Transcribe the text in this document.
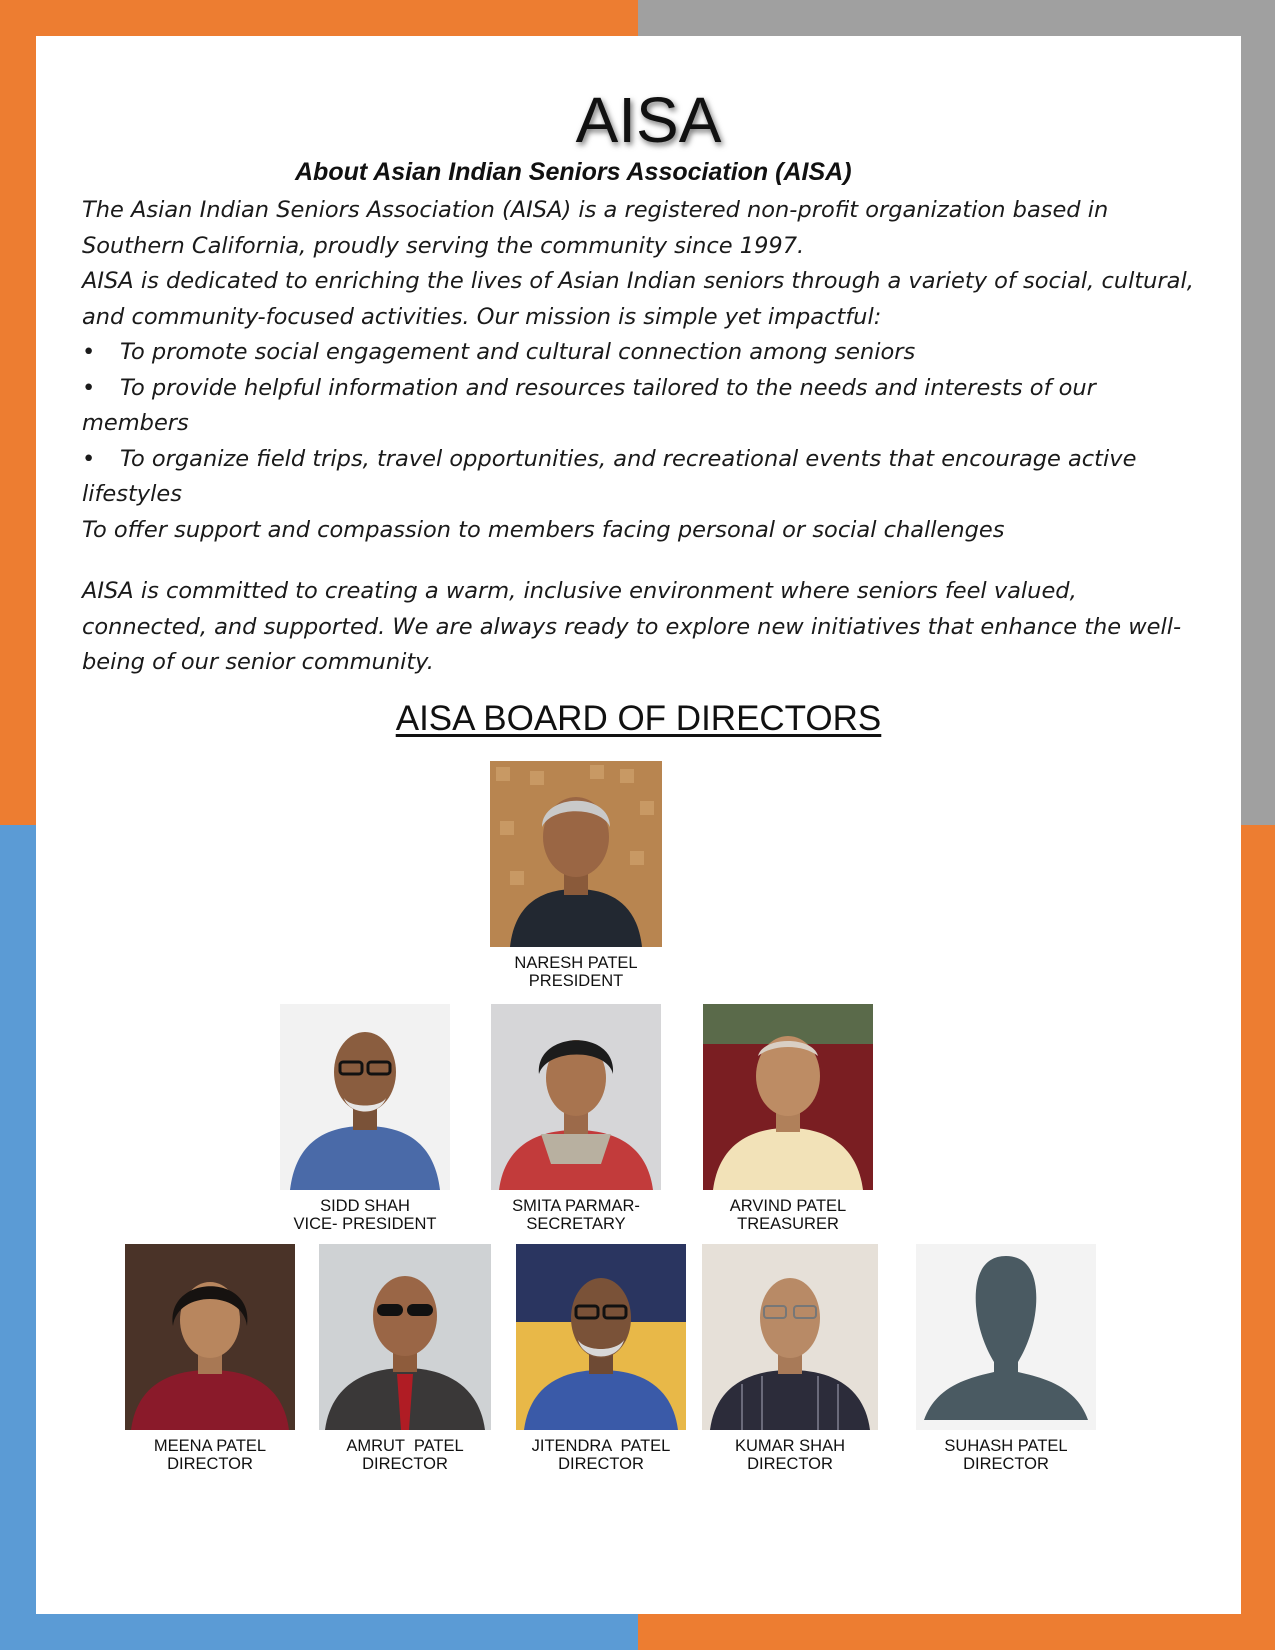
AISA
About Asian Indian Seniors Association (AISA)

The Asian Indian Seniors Association (AISA) is a registered non-profit organization based in Southern California, proudly serving the community since 1997.

AISA is dedicated to enriching the lives of Asian Indian seniors through a variety of social, cultural, and community-focused activities. Our mission is simple yet impactful:

•	To promote social engagement and cultural connection among seniors
• To provide helpful information and resources tailored to the needs and interests of our members
• To organize field trips, travel opportunities, and recreational events that encourage active lifestyles

To offer support and compassion to members facing personal or social challenges

AISA is committed to creating a warm, inclusive environment where seniors feel valued, connected, and supported. We are always ready to explore new initiatives that enhance the well-being of our senior community.

AISA BOARD OF DIRECTORS
NARESH PATEL
PRESIDENT
SIDD SHAH
VICE- PRESIDENT
SMITA PARMAR-
SECRETARY
ARVIND PATEL
TREASURER
MEENA PATEL
DIRECTOR
AMRUT  PATEL
DIRECTOR
JITENDRA  PATEL
DIRECTOR
KUMAR SHAH
DIRECTOR
SUHASH PATEL
DIRECTOR
